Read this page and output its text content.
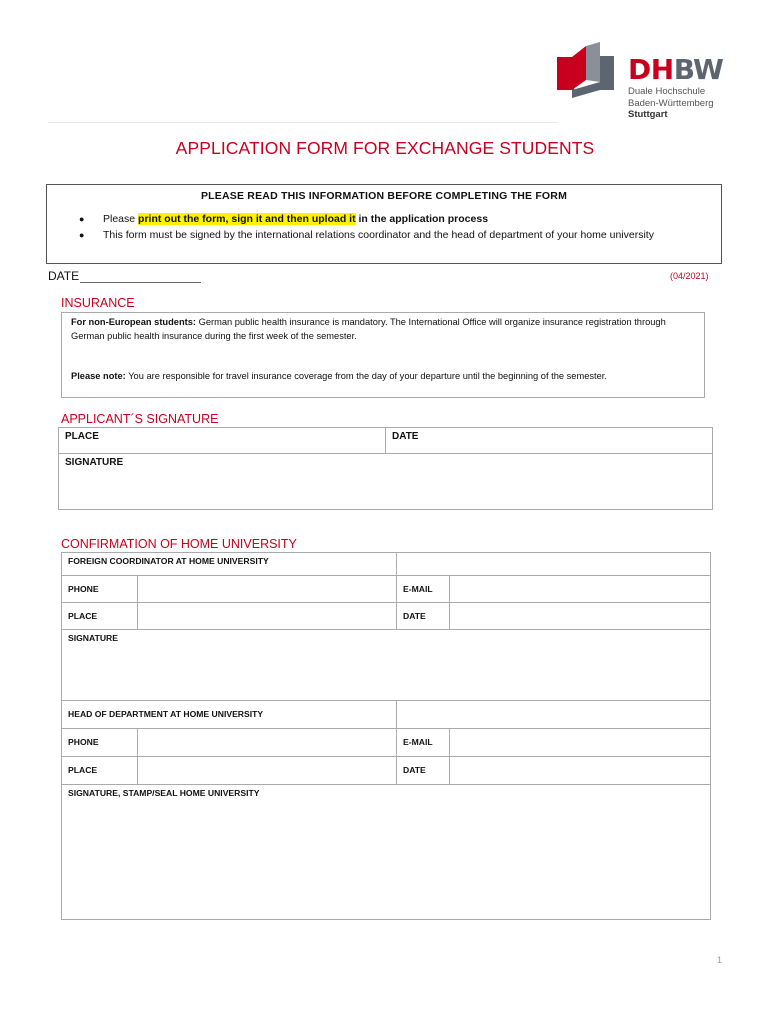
DHBW
Duale Hochschule
Baden-Württemberg
Stuttgart
APPLICATION FORM FOR EXCHANGE STUDENTS
PLEASE READ THIS INFORMATION BEFORE COMPLETING THE FORM
●	Please print out the form, sign it and then upload it in the application process
●	This form must be signed by the international relations coordinator and the head of department of your home university
DATE	(04/2021)
INSURANCE

For non-European students: German public health insurance is mandatory. The International Office will organize insurance registration through German public health insurance during the first week of the semester.

Please note: You are responsible for travel insurance coverage from the day of your departure until the beginning of the semester.

APPLICANT´S SIGNATURE
PLACE	DATE
SIGNATURE
CONFIRMATION OF HOME UNIVERSITY
FOREIGN COORDINATOR AT HOME UNIVERSITY
PHONE	E-MAIL
PLACE	DATE
SIGNATURE
HEAD OF DEPARTMENT AT HOME UNIVERSITY
PHONE	E-MAIL
PLACE	DATE
SIGNATURE, STAMP/SEAL HOME UNIVERSITY
1
